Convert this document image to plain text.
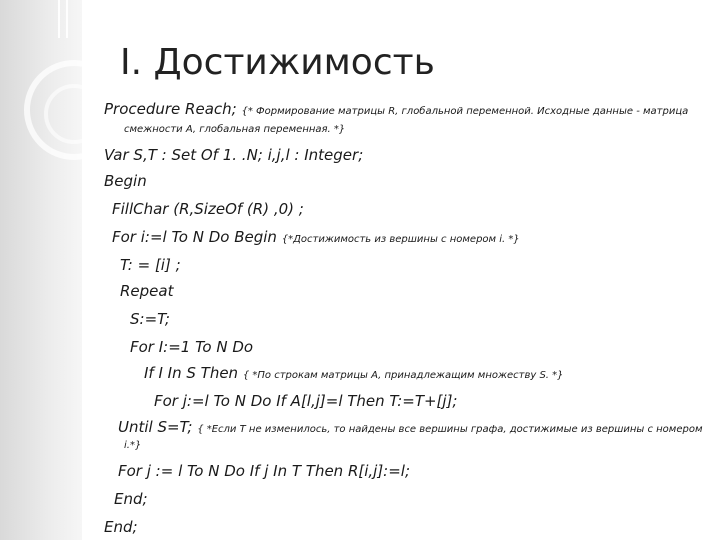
I. Достижимость
Procedure Reach; {* Формирование матрицы R, глобальной переменной. Исходные данные - матрица
смежности A, глобальная переменная. *}
Var S,T : Set Of 1. .N; i,j,l : Integer;
Begin
FillChar (R,SizeOf (R) ,0) ;
For i:=l To N Do Begin {*Достижимость из вершины с номером i. *}
T: = [i] ;
Repeat
S:=T;
For I:=1 To N Do
If I In S Then { *По строкам матрицы A, принадлежащим множеству S. *}
For j:=l To N Do If A[l,j]=l Then T:=T+[j];
Until S=T; { *Если T не изменилось, то найдены все вершины графа, достижимые из вершины с номером
i.*}
For j := l To N Do If j In T Then R[i,j]:=l;
End;
End;
